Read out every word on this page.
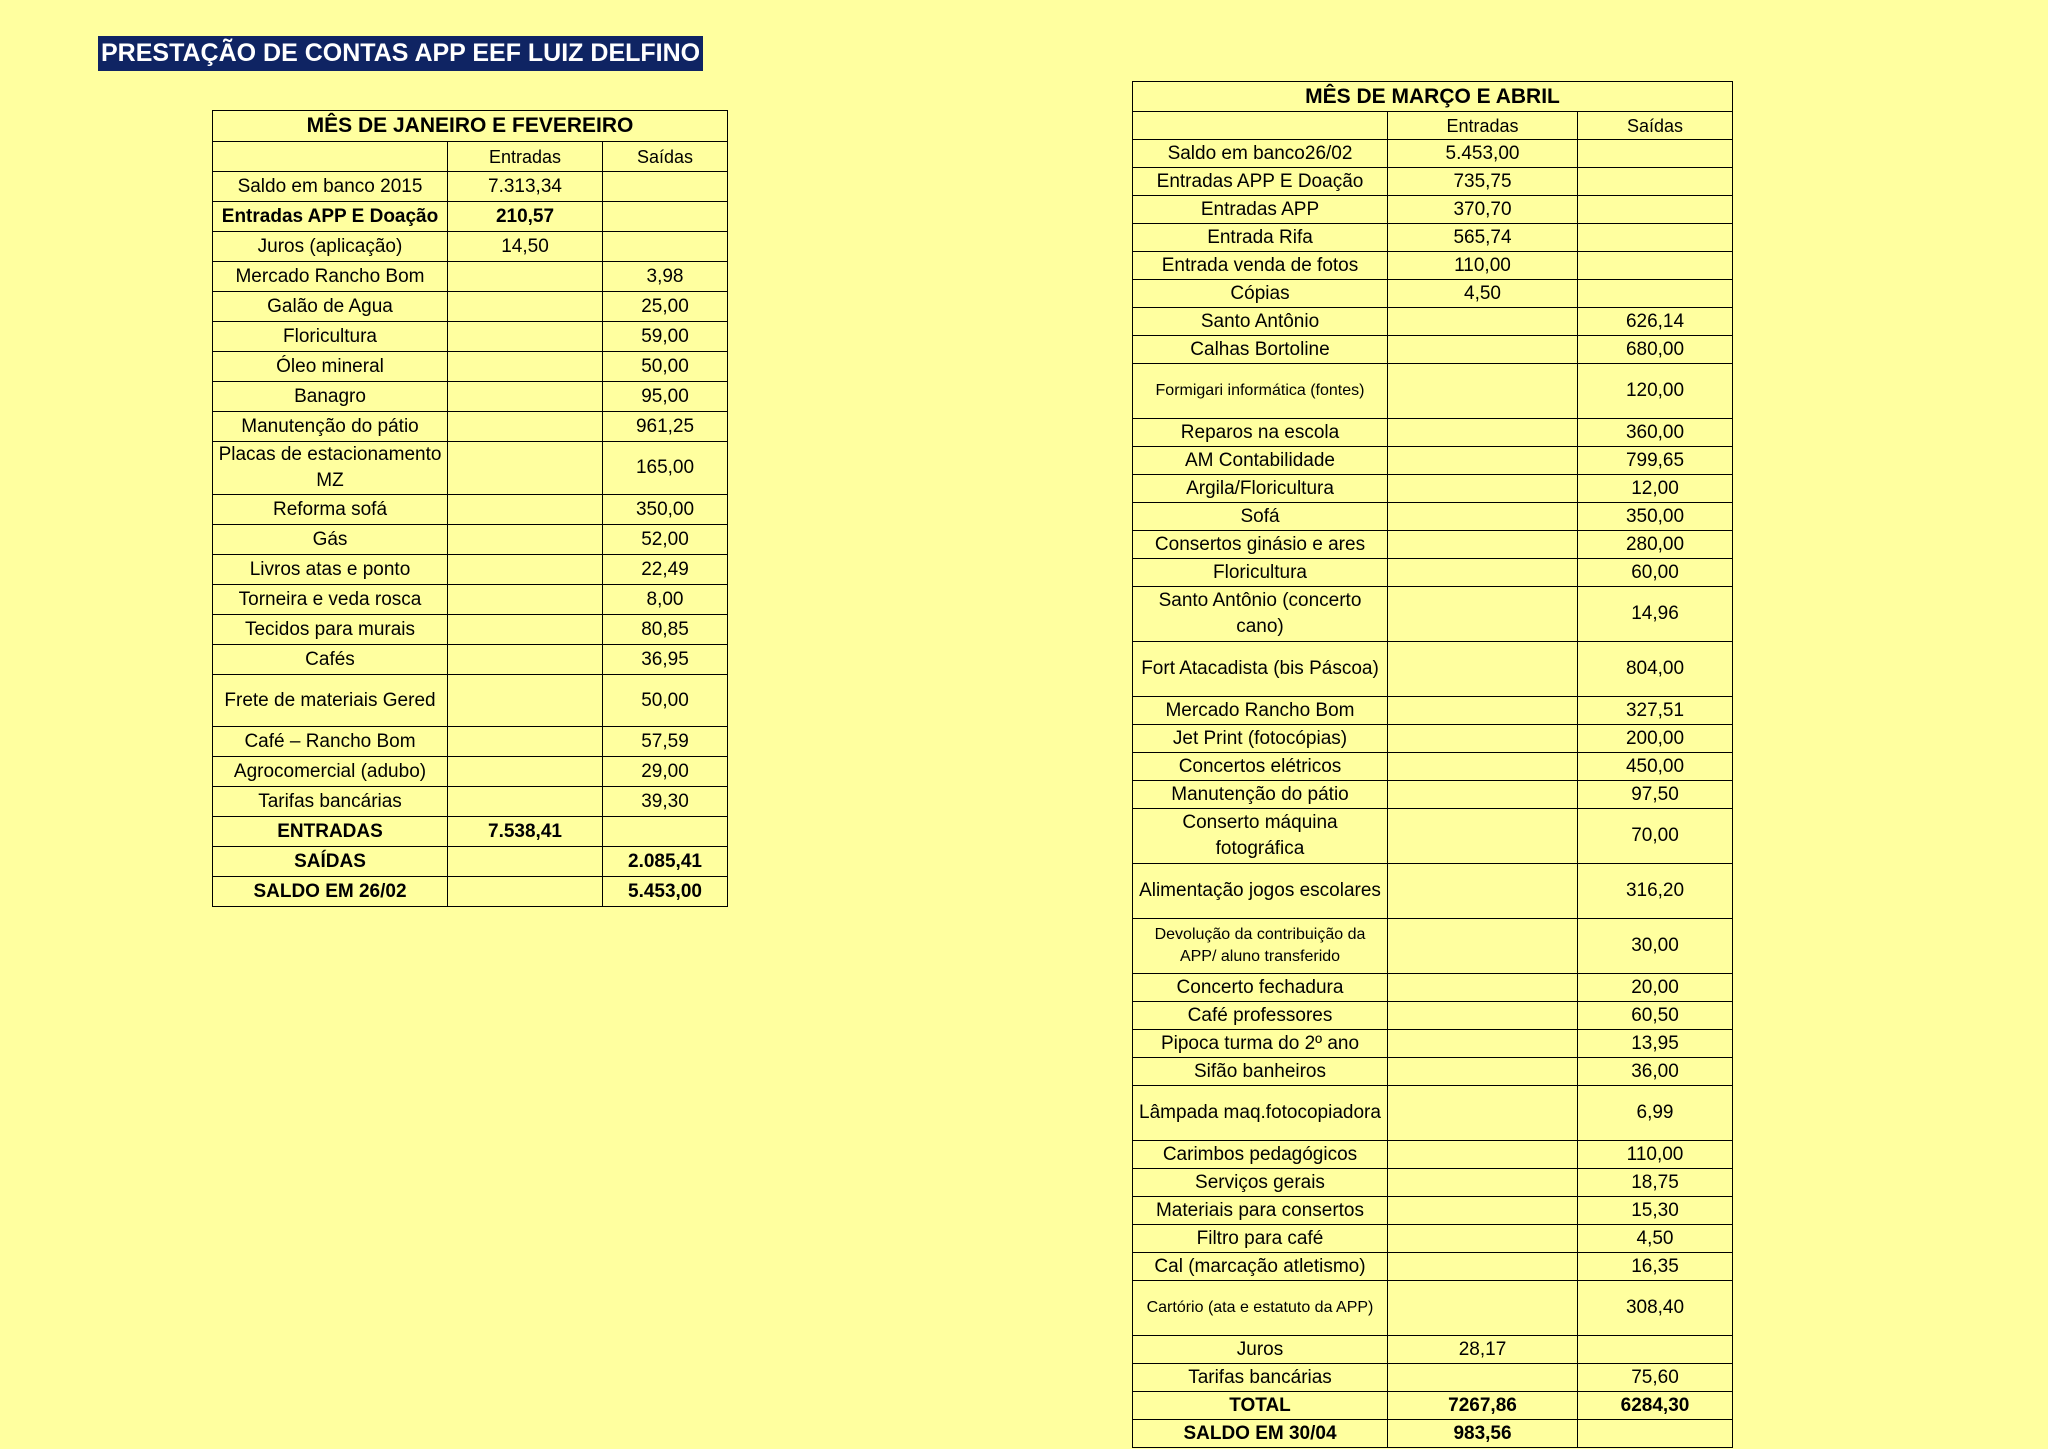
PRESTAÇÃO DE CONTAS APP EEF LUIZ DELFINO
MÊS DE JANEIRO E FEVEREIRO		
	Entradas	Saídas
Saldo em banco 2015	7.313,34	
Entradas APP E Doação	210,57	
Juros (aplicação)	14,50	
Mercado Rancho Bom		3,98
Galão de Agua		25,00
Floricultura		59,00
Óleo mineral		50,00
Banagro		95,00
Manutenção do pátio		961,25
Placas de estacionamento MZ		165,00
Reforma sofá		350,00
Gás		52,00
Livros atas e ponto		22,49
Torneira e veda rosca		8,00
Tecidos para murais		80,85
Cafés		36,95
Frete de materiais Gered		50,00
Café – Rancho Bom		57,59
Agrocomercial (adubo)		29,00
Tarifas bancárias		39,30
ENTRADAS	7.538,41	
SAÍDAS		2.085,41
SALDO EM 26/02		5.453,00
MÊS DE MARÇO E ABRIL		
	Entradas	Saídas
Saldo em banco26/02	5.453,00	
Entradas APP E Doação	735,75	
Entradas APP	370,70	
Entrada Rifa	565,74	
Entrada venda de fotos	110,00	
Cópias	4,50	
Santo Antônio		626,14
Calhas Bortoline		680,00
Formigari informática (fontes)		120,00
Reparos na escola		360,00
AM Contabilidade		799,65
Argila/Floricultura		12,00
Sofá		350,00
Consertos ginásio e ares		280,00
Floricultura		60,00
Santo Antônio (concerto cano)		14,96
Fort Atacadista (bis Páscoa)		804,00
Mercado Rancho Bom		327,51
Jet Print (fotocópias)		200,00
Concertos elétricos		450,00
Manutenção do pátio		97,50
Conserto máquina fotográfica		70,00
Alimentação jogos escolares		316,20
Devolução da contribuição da APP/ aluno transferido		30,00
Concerto fechadura		20,00
Café professores		60,50
Pipoca turma do 2º ano		13,95
Sifão banheiros		36,00
Lâmpada maq.fotocopiadora		6,99
Carimbos pedagógicos		110,00
Serviços gerais		18,75
Materiais para consertos		15,30
Filtro para café		4,50
Cal (marcação atletismo)		16,35
Cartório (ata e estatuto da APP)		308,40
Juros	28,17	
Tarifas bancárias		75,60
TOTAL	7267,86	6284,30
SALDO EM 30/04	983,56	
